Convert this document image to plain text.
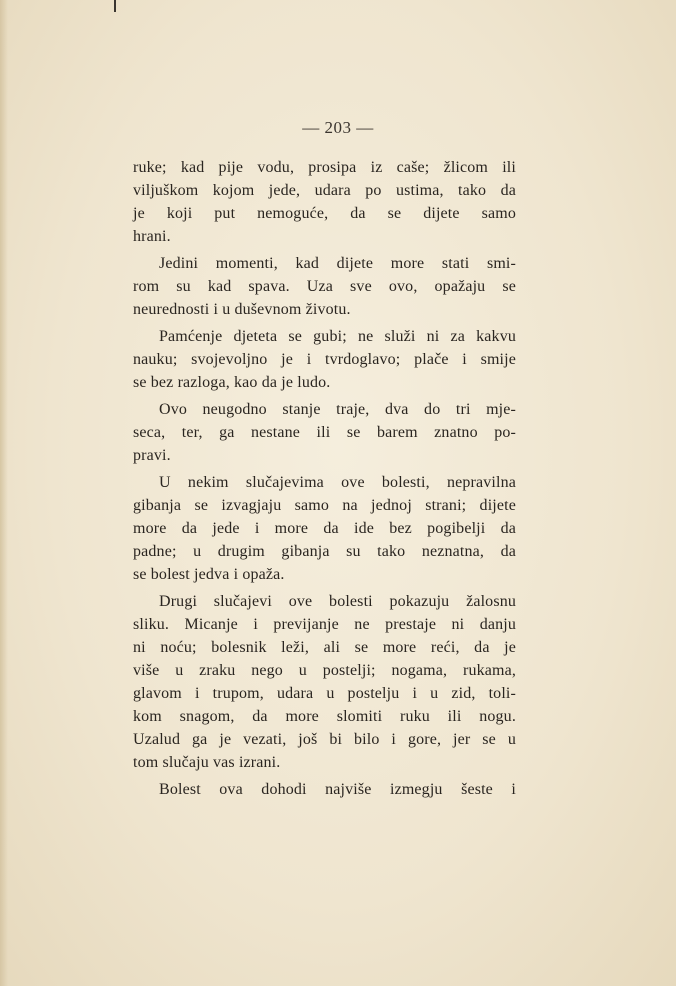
— 203 —
ruke; kad pije vodu, prosipa iz caše; žlicom ili
viljuškom kojom jede, udara po ustima, tako da
je koji put nemoguće, da se dijete samo
hrani.
Jedini momenti, kad dijete more stati smi-
rom su kad spava. Uza sve ovo, opažaju se
neurednosti i u duševnom životu.
Pamćenje djeteta se gubi; ne služi ni za kakvu
nauku; svojevoljno je i tvrdoglavo; plače i smije
se bez razloga, kao da je ludo.
Ovo neugodno stanje traje, dva do tri mje-
seca, ter, ga nestane ili se barem znatno po-
pravi.
U nekim slučajevima ove bolesti, nepravilna
gibanja se izvagjaju samo na jednoj strani; dijete
more da jede i more da ide bez pogibelji da
padne; u drugim gibanja su tako neznatna, da
se bolest jedva i opaža.
Drugi slučajevi ove bolesti pokazuju žalosnu
sliku. Micanje i previjanje ne prestaje ni danju
ni noću; bolesnik leži, ali se more reći, da je
više u zraku nego u postelji; nogama, rukama,
glavom i trupom, udara u postelju i u zid, toli-
kom snagom, da more slomiti ruku ili nogu.
Uzalud ga je vezati, još bi bilo i gore, jer se u
tom slučaju vas izrani.
Bolest ova dohodi najviše izmegju šeste i
